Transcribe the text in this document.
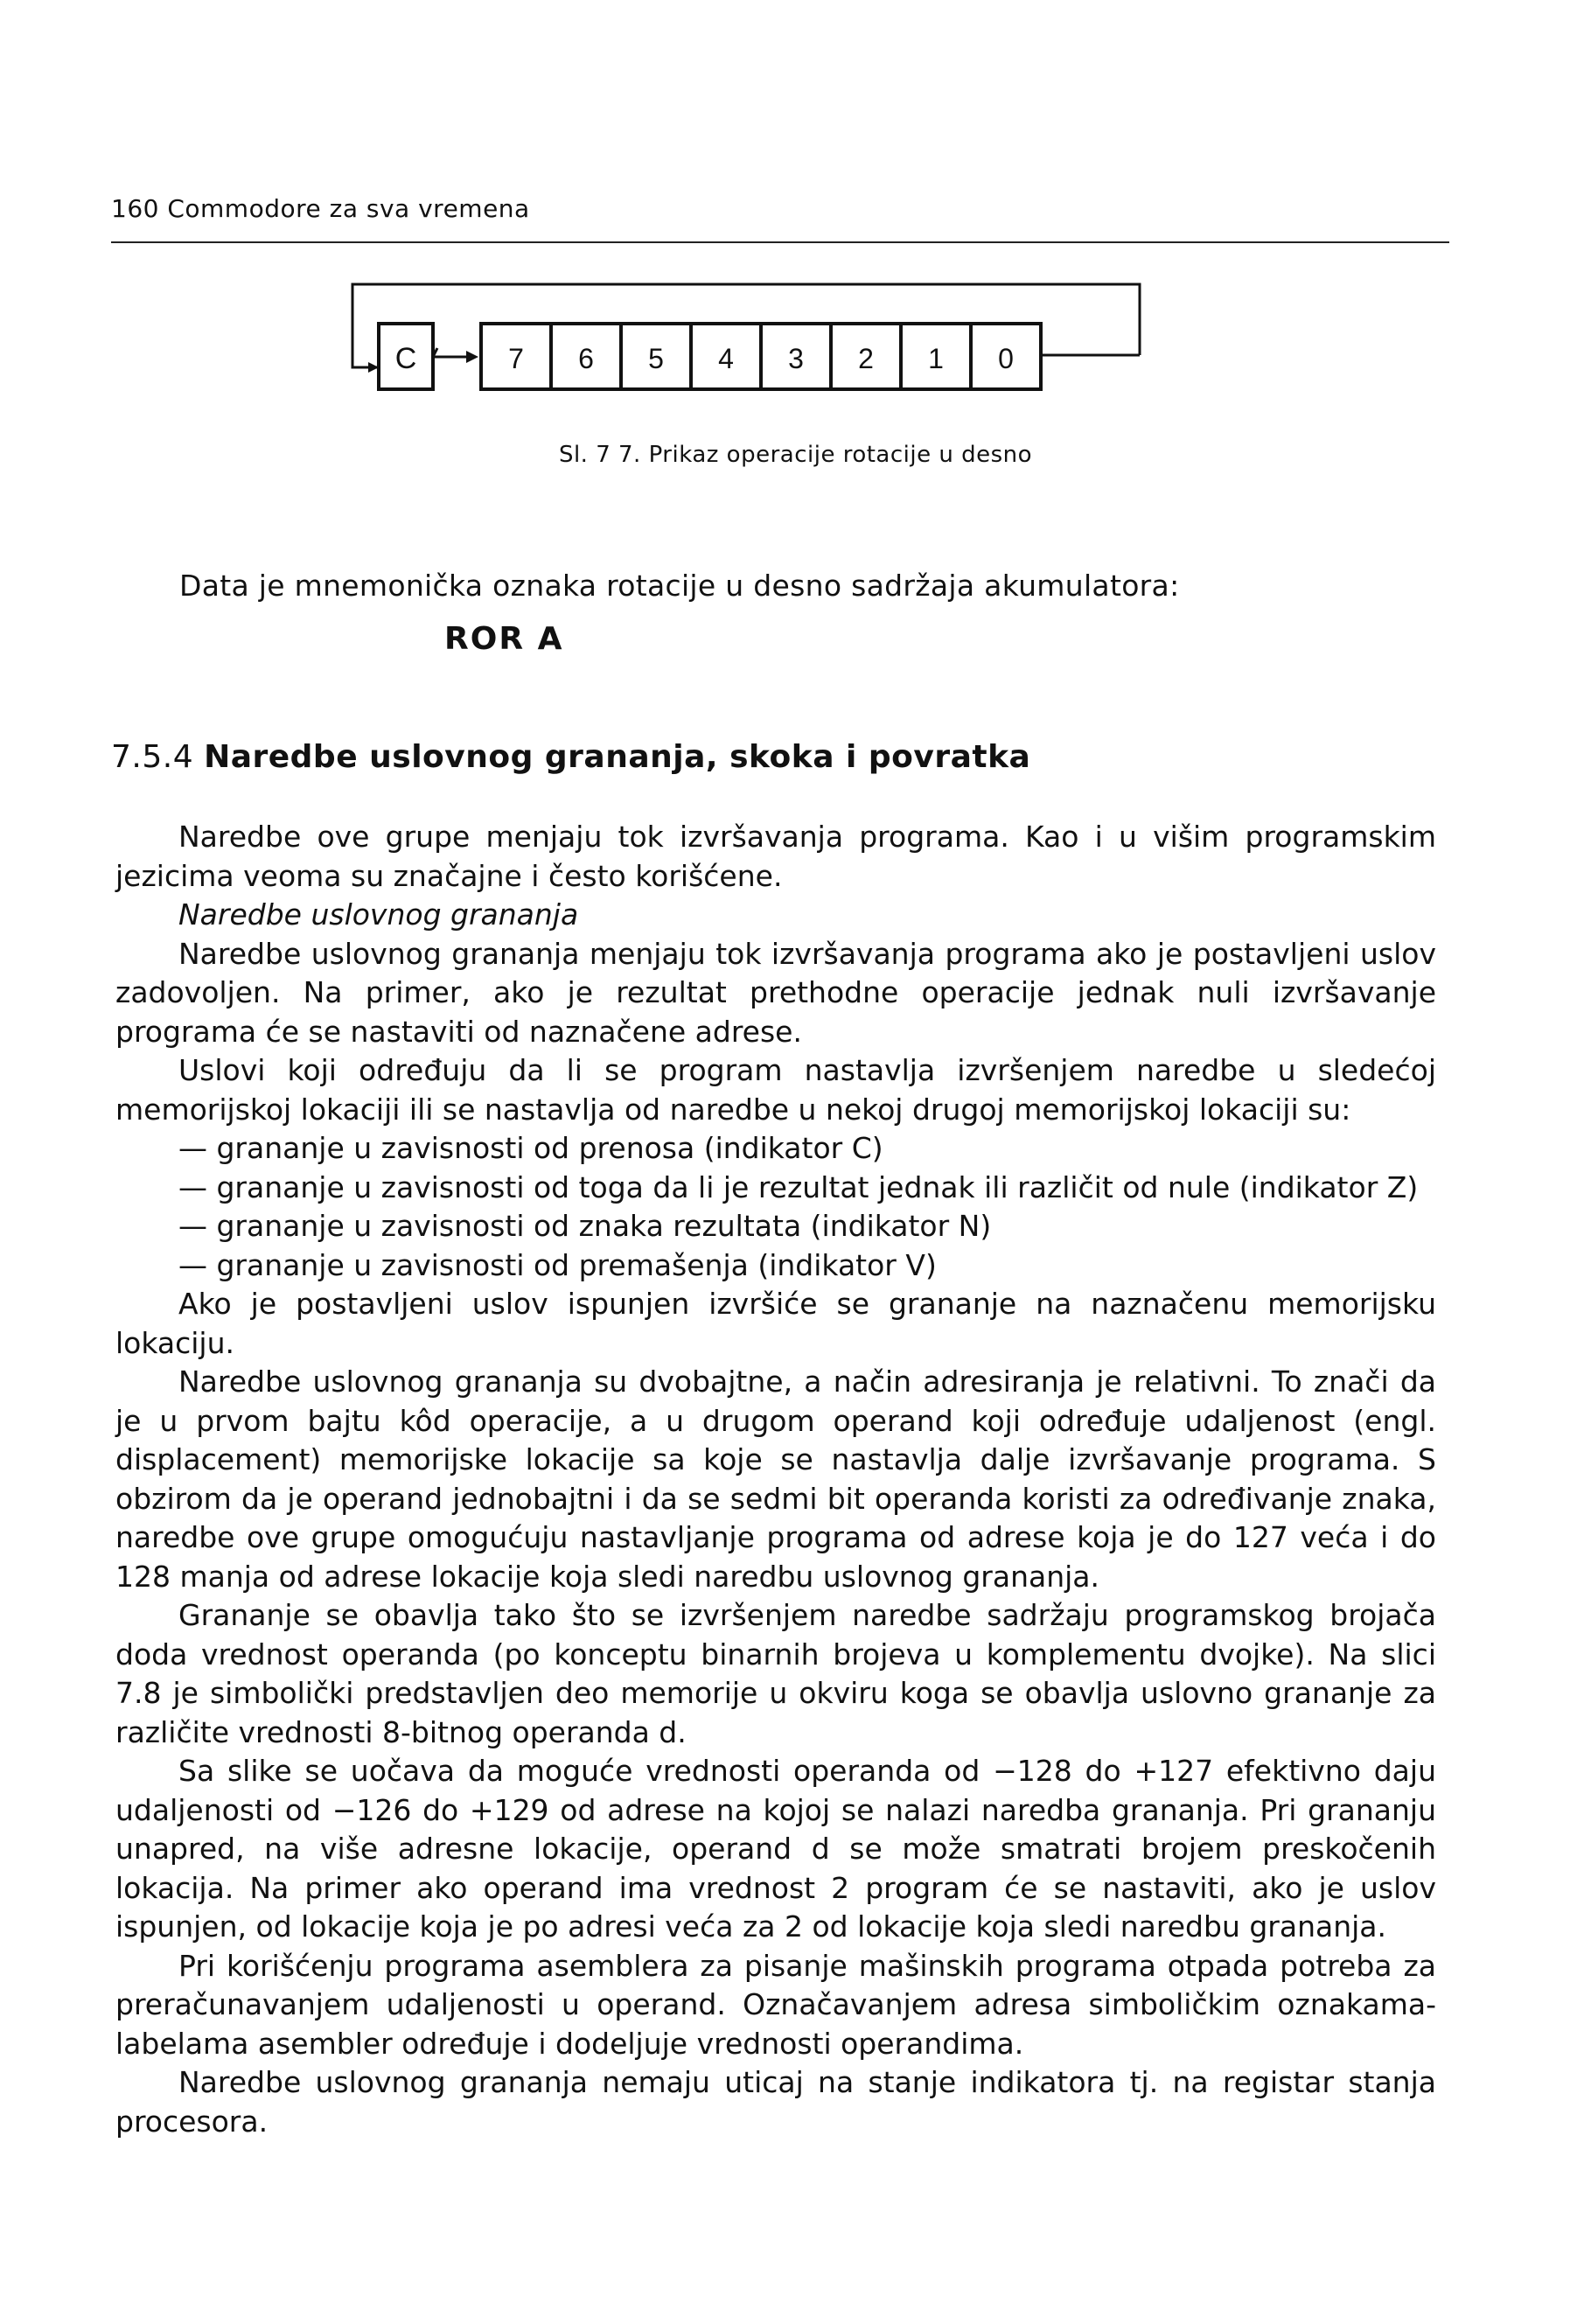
160 Commodore za sva vremena
C	7 6 5 4 3 2 1 0
Sl. 7 7. Prikaz operacije rotacije u desno
Data je mnemonička oznaka rotacije u desno sadržaja akumulatora:
ROR A
7.5.4 Naredbe uslovnog grananja, skoka i povratka

Naredbe ove grupe menjaju tok izvršavanja programa. Kao i u višim programskim jezicima veoma su značajne i često korišćene.

Naredbe uslovnog grananja

Naredbe uslovnog grananja menjaju tok izvršavanja programa ako je postavljeni uslov zadovoljen. Na primer, ako je rezultat prethodne operacije jednak nuli izvršavanje programa će se nastaviti od naznačene adrese.

Uslovi koji određuju da li se program nastavlja izvršenjem naredbe u sledećoj memorijskoj lokaciji ili se nastavlja od naredbe u nekoj drugoj memorijskoj lokaciji su:

— grananje u zavisnosti od prenosa (indikator C)
— grananje u zavisnosti od toga da li je rezultat jednak ili različit od nule (indikator Z)
— grananje u zavisnosti od znaka rezultata (indikator N)
— grananje u zavisnosti od premašenja (indikator V)

Ako je postavljeni uslov ispunjen izvršiće se grananje na naznačenu memorijsku lokaciju.

Naredbe uslovnog grananja su dvobajtne, a način adresiranja je relativni. To znači da je u prvom bajtu kôd operacije, a u drugom operand koji određuje udaljenost (engl. displacement) memorijske lokacije sa koje se nastavlja dalje izvršavanje programa. S obzirom da je operand jednobajtni i da se sedmi bit operanda koristi za određivanje znaka, naredbe ove grupe omogućuju nastavljanje programa od adrese koja je do 127 veća i do 128 manja od adrese lokacije koja sledi naredbu uslovnog grananja.

Grananje se obavlja tako što se izvršenjem naredbe sadržaju programskog brojača doda vrednost operanda (po konceptu binarnih brojeva u komplementu dvojke). Na slici 7.8 je simbolički predstavljen deo memorije u okviru koga se obavlja uslovno grananje za različite vrednosti 8-bitnog operanda d.

Sa slike se uočava da moguće vrednosti operanda od −128 do +127 efektivno daju udaljenosti od −126 do +129 od adrese na kojoj se nalazi naredba grananja. Pri grananju unapred, na više adresne lokacije, operand d se može smatrati brojem preskočenih lokacija. Na primer ako operand ima vrednost 2 program će se nastaviti, ako je uslov ispunjen, od lokacije koja je po adresi veća za 2 od lokacije koja sledi naredbu grananja.

Pri korišćenju programa asemblera za pisanje mašinskih programa otpada potreba za preračunavanjem udaljenosti u operand. Označavanjem adresa simboličkim oznakama-labelama asembler određuje i dodeljuje vrednosti operandima.

Naredbe uslovnog grananja nemaju uticaj na stanje indikatora tj. na registar stanja procesora.
